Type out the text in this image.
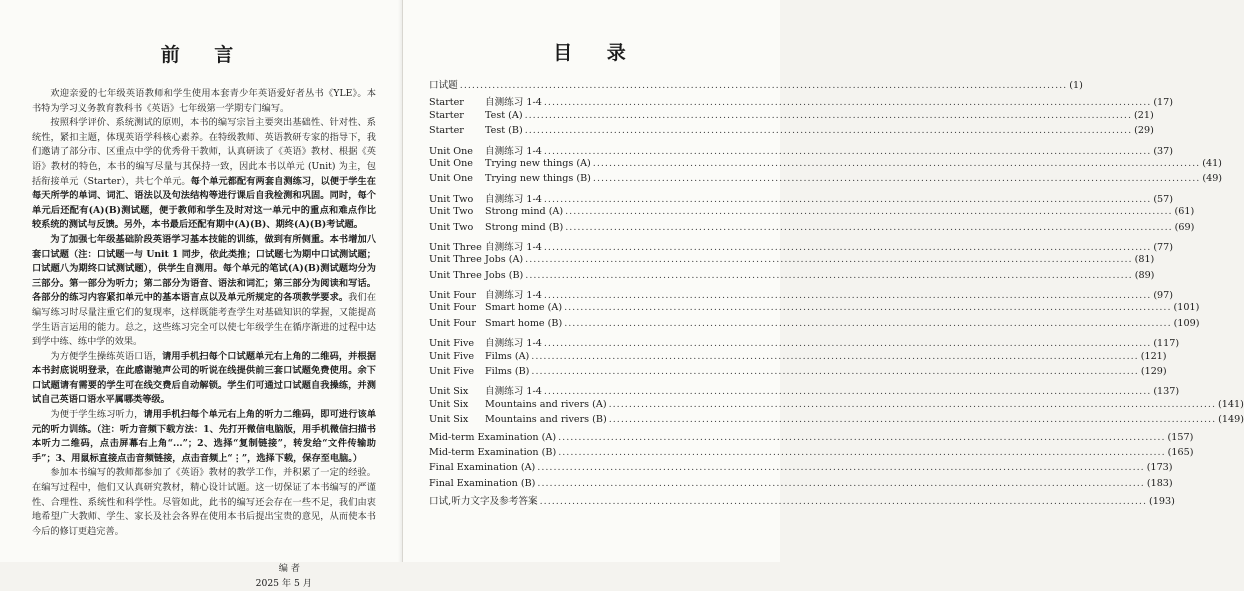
前 言

欢迎亲爱的七年级英语教师和学生使用本套青少年英语爱好者丛书《YLE》。本书特为学习义务教育教科书《英语》七年级第一学期专门编写。

按照科学评价、系统测试的原则，本书的编写宗旨主要突出基础性、针对性、系统性，紧扣主题，体现英语学科核心素养。在特级教师、英语教研专家的指导下，我们邀请了部分市、区重点中学的优秀骨干教师，认真研读了《英语》教材、根据《英语》教材的特色，本书的编写尽量与其保持一致，因此本书以单元 (Unit) 为主，包括衔接单元（Starter），共七个单元。每个单元都配有两套自测练习，以便于学生在每天所学的单词、词汇、语法以及句法结构等进行课后自我检测和巩固。同时，每个单元后还配有(A)(B)测试题，便于教师和学生及时对这一单元中的重点和难点作比较系统的测试与反馈。另外，本书最后还配有期中(A)(B)、期终(A)(B)考试题。

为了加强七年级基础阶段英语学习基本技能的训练，做到有所侧重。本书增加八套口试题（注：口试题一与 Unit 1 同步，依此类推；口试题七为期中口试测试题；口试题八为期终口试测试题），供学生自测用。每个单元的笔试(A)(B)测试题均分为三部分。第一部分为听力；第二部分为语音、语法和词汇；第三部分为阅读和写话。各部分的练习内容紧扣单元中的基本语言点以及单元所规定的各项教学要求。我们在编写练习时尽量注重它们的复现率，这样既能考查学生对基础知识的掌握，又能提高学生语言运用的能力。总之，这些练习完全可以使七年级学生在循序渐进的过程中达到学中练、练中学的效果。

为方便学生操练英语口语，请用手机扫每个口试题单元右上角的二维码，并根据本书封底说明登录，在此感谢驰声公司的听说在线提供前三套口试题免费使用。余下口试题请有需要的学生可在线交费后自动解锁。学生们可通过口试题自我操练，并测试自己英语口语水平属哪类等级。

为便于学生练习听力，请用手机扫每个单元右上角的听力二维码，即可进行该单元的听力训练。（注：听力音频下载方法：1、先打开微信电脑版，用手机微信扫描书本听力二维码，点击屏幕右上角“...”；2、选择“复制链接”，转发给“文件传输助手”；3、用鼠标直接点击音频链接，点击音频上“⋮”，选择下载，保存至电脑。）

参加本书编写的教师都参加了《英语》教材的教学工作，并积累了一定的经验。在编写过程中，他们又认真研究教材，精心设计试题。这一切保证了本书编写的严谨性、合理性、系统性和科学性。尽管如此，此书的编写还会存在一些不足，我们由衷地希望广大教师、学生、家长及社会各界在使用本书后提出宝贵的意见，从而使本书今后的修订更趋完善。

编 者
2025 年 5 月
目 录
口试题 .....	(1)
Starter	自测练习 1-4 .....	(17)
Starter	Test (A) .....	(21)
Starter	Test (B) .....	(29)
Unit One	自测练习 1-4 .....	(37)
Unit One	Trying new things (A) .....	(41)
Unit One	Trying new things (B) .....	(49)
Unit Two	自测练习 1-4 .....	(57)
Unit Two	Strong mind (A) .....	(61)
Unit Two	Strong mind (B) .....	(69)
Unit Three 自测练习 1-4 .....	(77)
Unit Three Jobs (A) .....	(81)
Unit Three Jobs (B) .....	(89)
Unit Four 自测练习 1-4 .....	(97)
Unit Four Smart home (A) .....	(101)
Unit Four Smart home (B) .....	(109)
Unit Five	自测练习 1-4 .....	(117)
Unit Five	Films (A) .....	(121)
Unit Five	Films (B) .....	(129)
Unit Six	自测练习 1-4 .....	(137)
Unit Six	Mountains and rivers (A) .....	(141)
Unit Six	Mountains and rivers (B) .....	(149)
Mid-term Examination (A) .....	(157)
Mid-term Examination (B) .....	(165)
Final Examination (A) .....	(173)
Final Examination (B) .....	(183)
口试,听力文字及参考答案 .....	(193)
